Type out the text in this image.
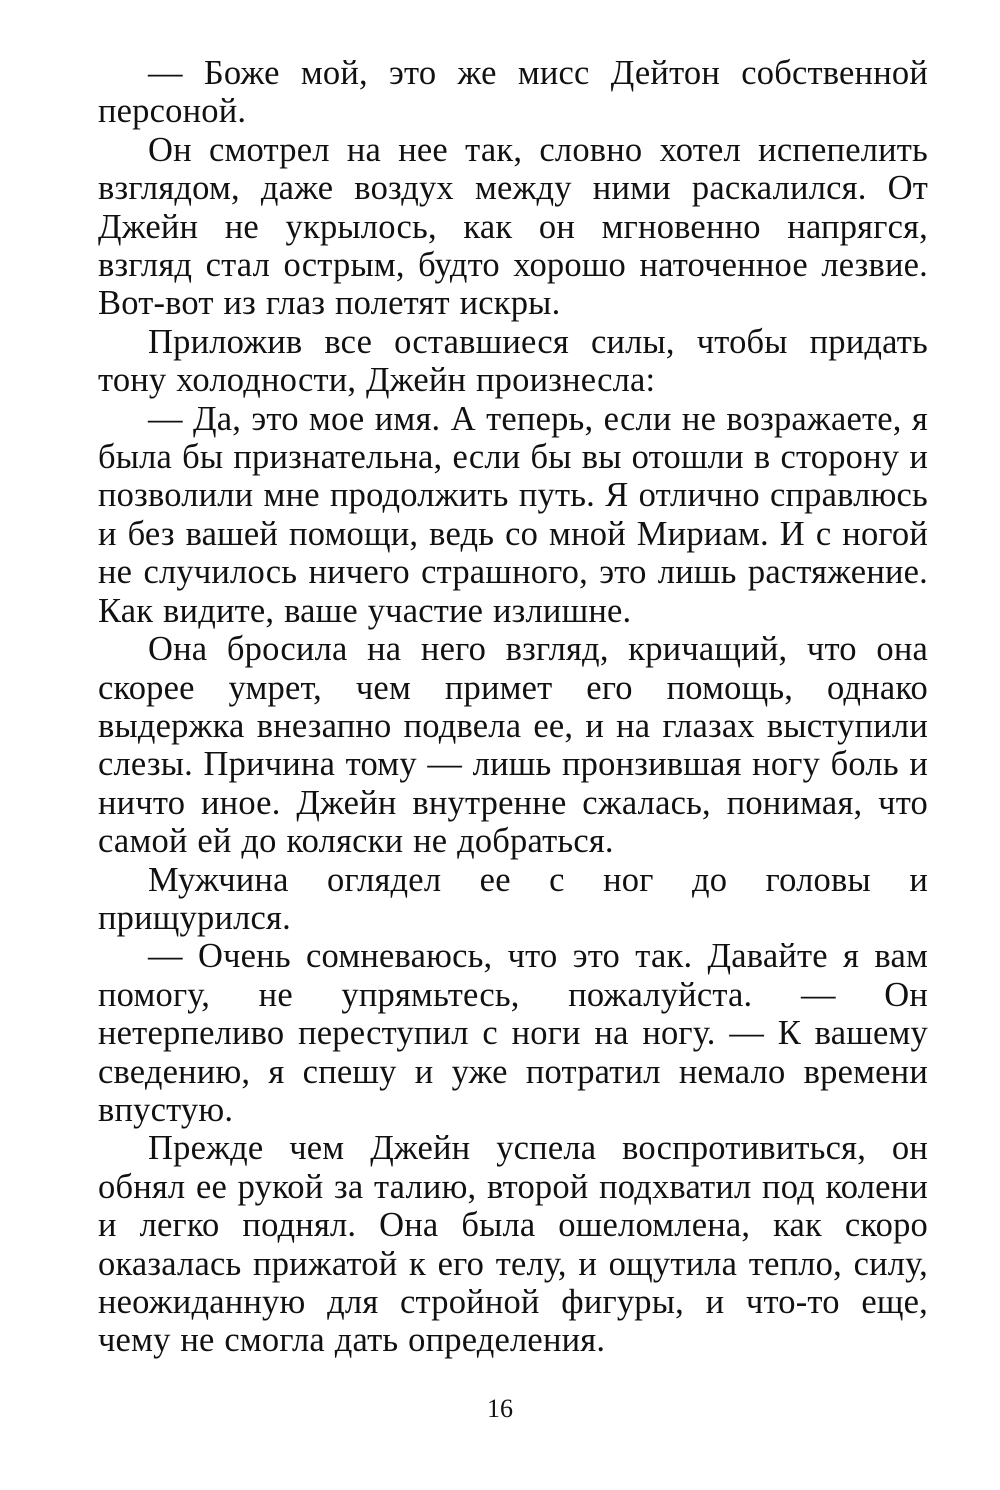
— Боже мой, это же мисс Дейтон собственной персоной.

Он смотрел на нее так, словно хотел испепелить взглядом, даже воздух между ними раскалился. От Джейн не укрылось, как он мгновенно напрягся, взгляд стал острым, будто хорошо наточенное лезвие. Вот-вот из глаз полетят искры.

Приложив все оставшиеся силы, чтобы придать тону холодности, Джейн произнесла:

— Да, это мое имя. А теперь, если не возражаете, я была бы признательна, если бы вы отошли в сторону и позволили мне продолжить путь. Я отлично справлюсь и без вашей помощи, ведь со мной Мириам. И с ногой не случилось ничего страшного, это лишь растяжение. Как видите, ваше участие излишне.

Она бросила на него взгляд, кричащий, что она скорее умрет, чем примет его помощь, однако выдержка внезапно подвела ее, и на глазах выступили слезы. Причина тому — лишь пронзившая ногу боль и ничто иное. Джейн внутренне сжалась, понимая, что самой ей до коляски не добраться.

Мужчина оглядел ее с ног до головы и прищурился.

— Очень сомневаюсь, что это так. Давайте я вам помогу, не упрямьтесь, пожалуйста. — Он нетерпеливо переступил с ноги на ногу. — К вашему сведению, я спешу и уже потратил немало времени впустую.

Прежде чем Джейн успела воспротивиться, он обнял ее рукой за талию, второй подхватил под колени и легко поднял. Она была ошеломлена, как скоро оказалась прижатой к его телу, и ощутила тепло, силу, неожиданную для стройной фигуры, и что-то еще, чему не смогла дать определения.

16
